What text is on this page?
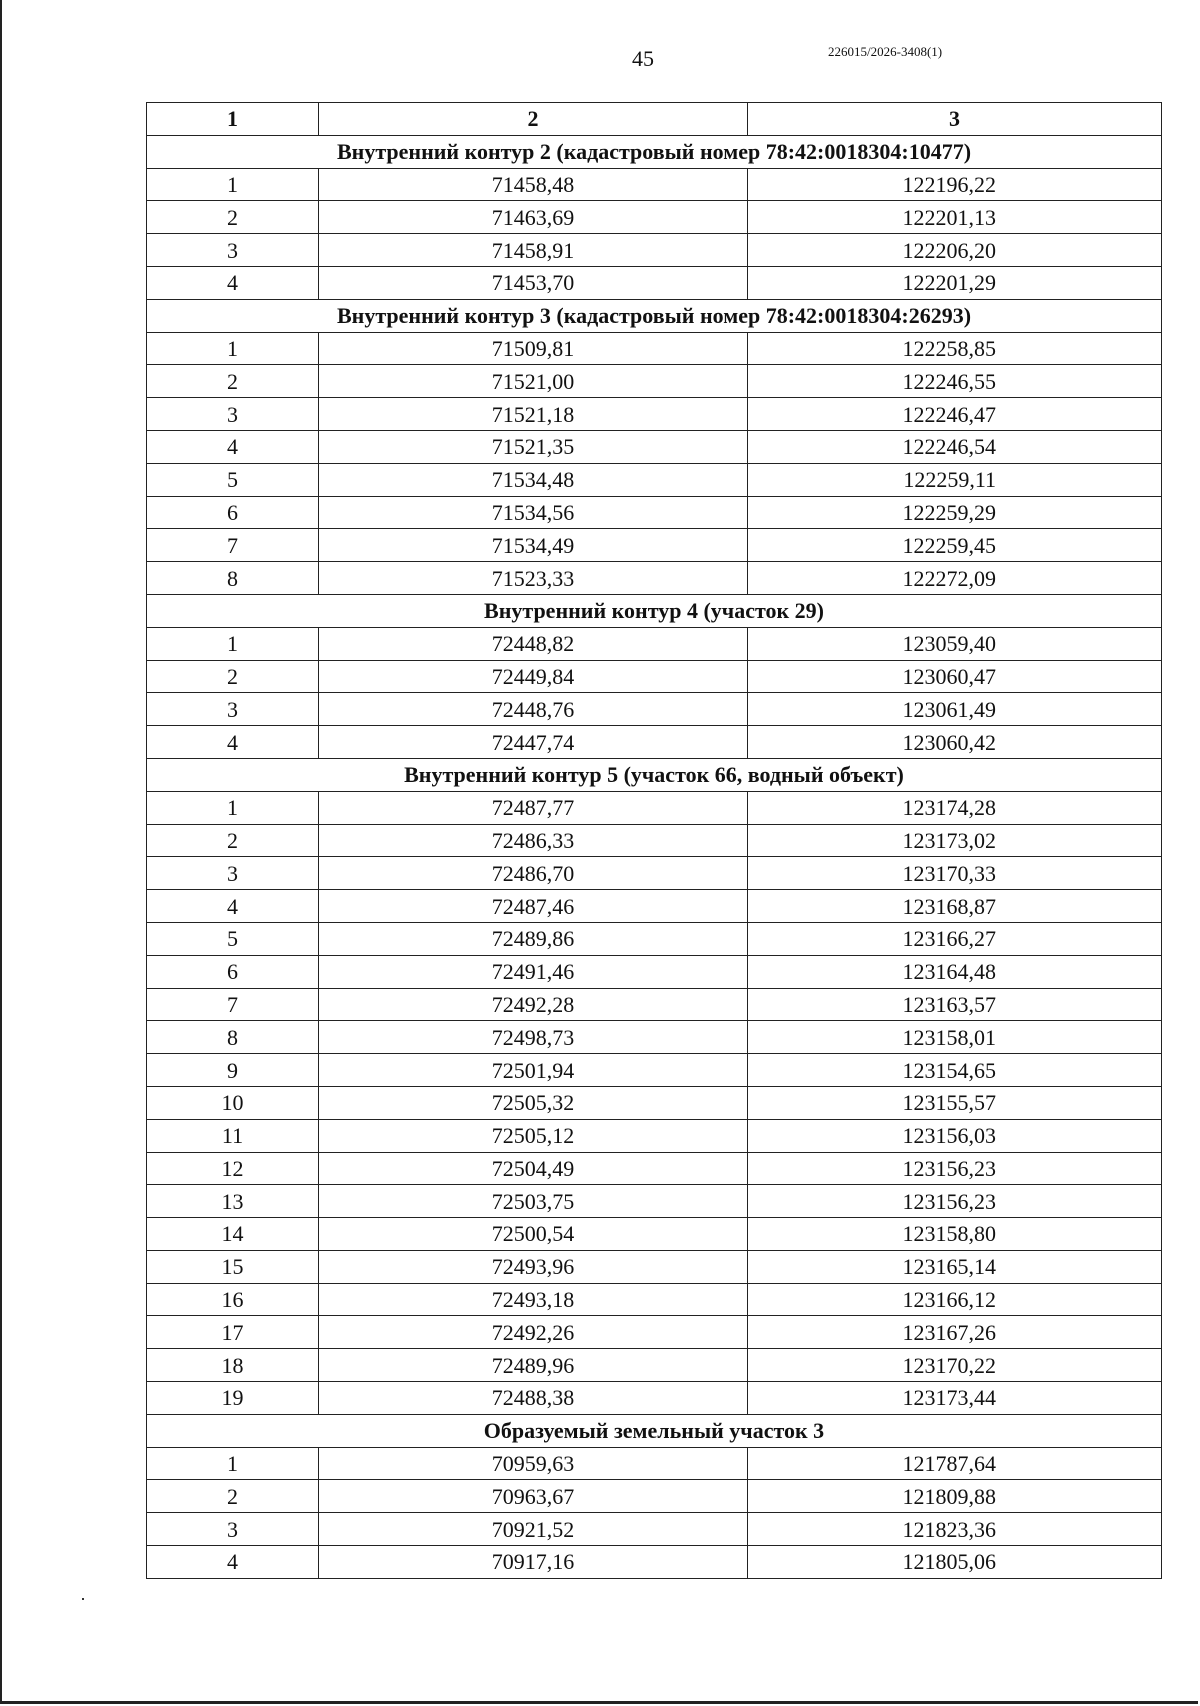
45	226015/2026-3408(1)
1	2	3
Внутренний контур 2 (кадастровый номер 78:42:0018304:10477)		
1	71458,48	122196,22
2	71463,69	122201,13
3	71458,91	122206,20
4	71453,70	122201,29
Внутренний контур 3 (кадастровый номер 78:42:0018304:26293)		
1	71509,81	122258,85
2	71521,00	122246,55
3	71521,18	122246,47
4	71521,35	122246,54
5	71534,48	122259,11
6	71534,56	122259,29
7	71534,49	122259,45
8	71523,33	122272,09
Внутренний контур 4 (участок 29)		
1	72448,82	123059,40
2	72449,84	123060,47
3	72448,76	123061,49
4	72447,74	123060,42
Внутренний контур 5 (участок 66, водный объект)		
1	72487,77	123174,28
2	72486,33	123173,02
3	72486,70	123170,33
4	72487,46	123168,87
5	72489,86	123166,27
6	72491,46	123164,48
7	72492,28	123163,57
8	72498,73	123158,01
9	72501,94	123154,65
10	72505,32	123155,57
11	72505,12	123156,03
12	72504,49	123156,23
13	72503,75	123156,23
14	72500,54	123158,80
15	72493,96	123165,14
16	72493,18	123166,12
17	72492,26	123167,26
18	72489,96	123170,22
19	72488,38	123173,44
Образуемый земельный участок 3		
1	70959,63	121787,64
2	70963,67	121809,88
3	70921,52	121823,36
4	70917,16	121805,06
